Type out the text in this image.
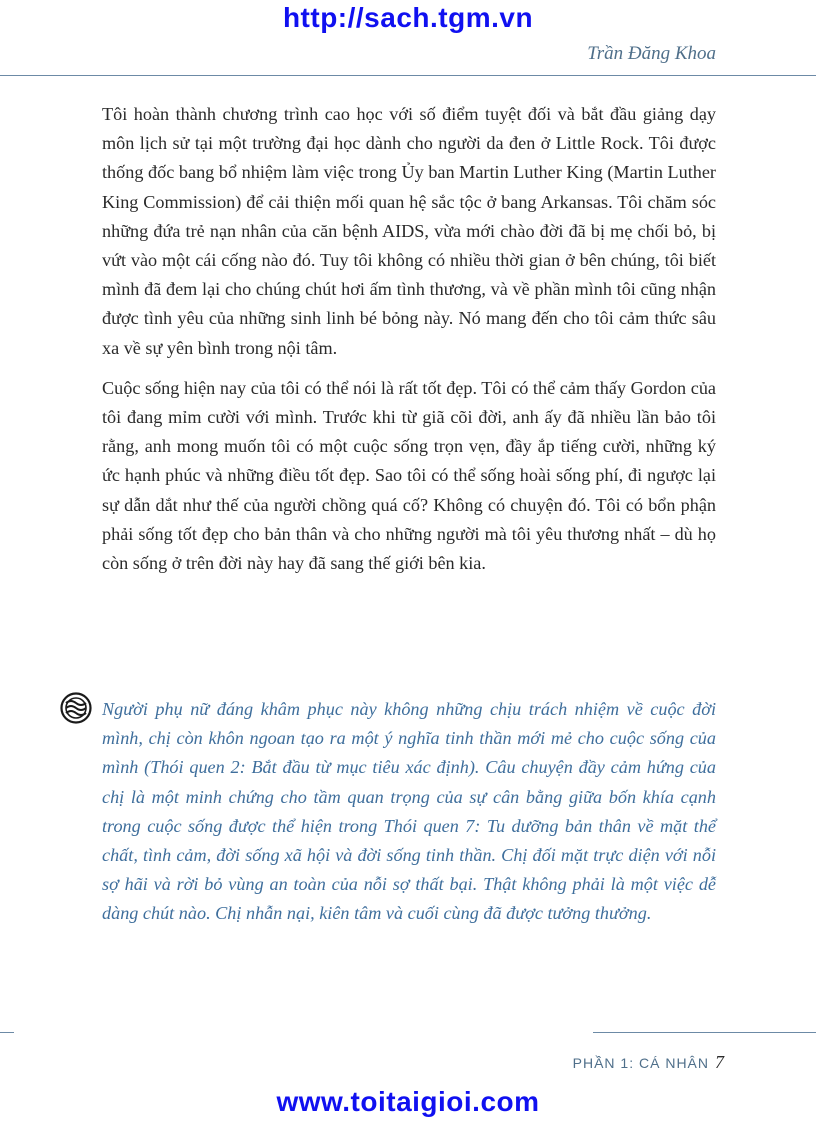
http://sach.tgm.vn
Trần Đăng Khoa

Tôi hoàn thành chương trình cao học với số điểm tuyệt đối và bắt đầu giảng dạy môn lịch sử tại một trường đại học dành cho người da đen ở Little Rock. Tôi được thống đốc bang bổ nhiệm làm việc trong Ủy ban Martin Luther King (Martin Luther King Commission) để cải thiện mối quan hệ sắc tộc ở bang Arkansas. Tôi chăm sóc những đứa trẻ nạn nhân của căn bệnh AIDS, vừa mới chào đời đã bị mẹ chối bỏ, bị vứt vào một cái cống nào đó. Tuy tôi không có nhiều thời gian ở bên chúng, tôi biết mình đã đem lại cho chúng chút hơi ấm tình thương, và về phần mình tôi cũng nhận được tình yêu của những sinh linh bé bỏng này. Nó mang đến cho tôi cảm thức sâu xa về sự yên bình trong nội tâm.

Cuộc sống hiện nay của tôi có thể nói là rất tốt đẹp. Tôi có thể cảm thấy Gordon của tôi đang mỉm cười với mình. Trước khi từ giã cõi đời, anh ấy đã nhiều lần bảo tôi rằng, anh mong muốn tôi có một cuộc sống trọn vẹn, đầy ắp tiếng cười, những ký ức hạnh phúc và những điều tốt đẹp. Sao tôi có thể sống hoài sống phí, đi ngược lại sự dẫn dắt như thế của người chồng quá cố? Không có chuyện đó. Tôi có bổn phận phải sống tốt đẹp cho bản thân và cho những người mà tôi yêu thương nhất – dù họ còn sống ở trên đời này hay đã sang thế giới bên kia.

Người phụ nữ đáng khâm phục này không những chịu trách nhiệm về cuộc đời mình, chị còn khôn ngoan tạo ra một ý nghĩa tinh thần mới mẻ cho cuộc sống của mình (Thói quen 2: Bắt đầu từ mục tiêu xác định). Câu chuyện đầy cảm hứng của chị là một minh chứng cho tầm quan trọng của sự cân bằng giữa bốn khía cạnh trong cuộc sống được thể hiện trong Thói quen 7: Tu dưỡng bản thân về mặt thể chất, tình cảm, đời sống xã hội và đời sống tinh thần. Chị đối mặt trực diện với nỗi sợ hãi và rời bỏ vùng an toàn của nỗi sợ thất bại. Thật không phải là một việc dễ dàng chút nào. Chị nhẫn nại, kiên tâm và cuối cùng đã được tưởng thưởng.

PHẦN 1: CÁ NHÂN 7
www.toitaigioi.com
